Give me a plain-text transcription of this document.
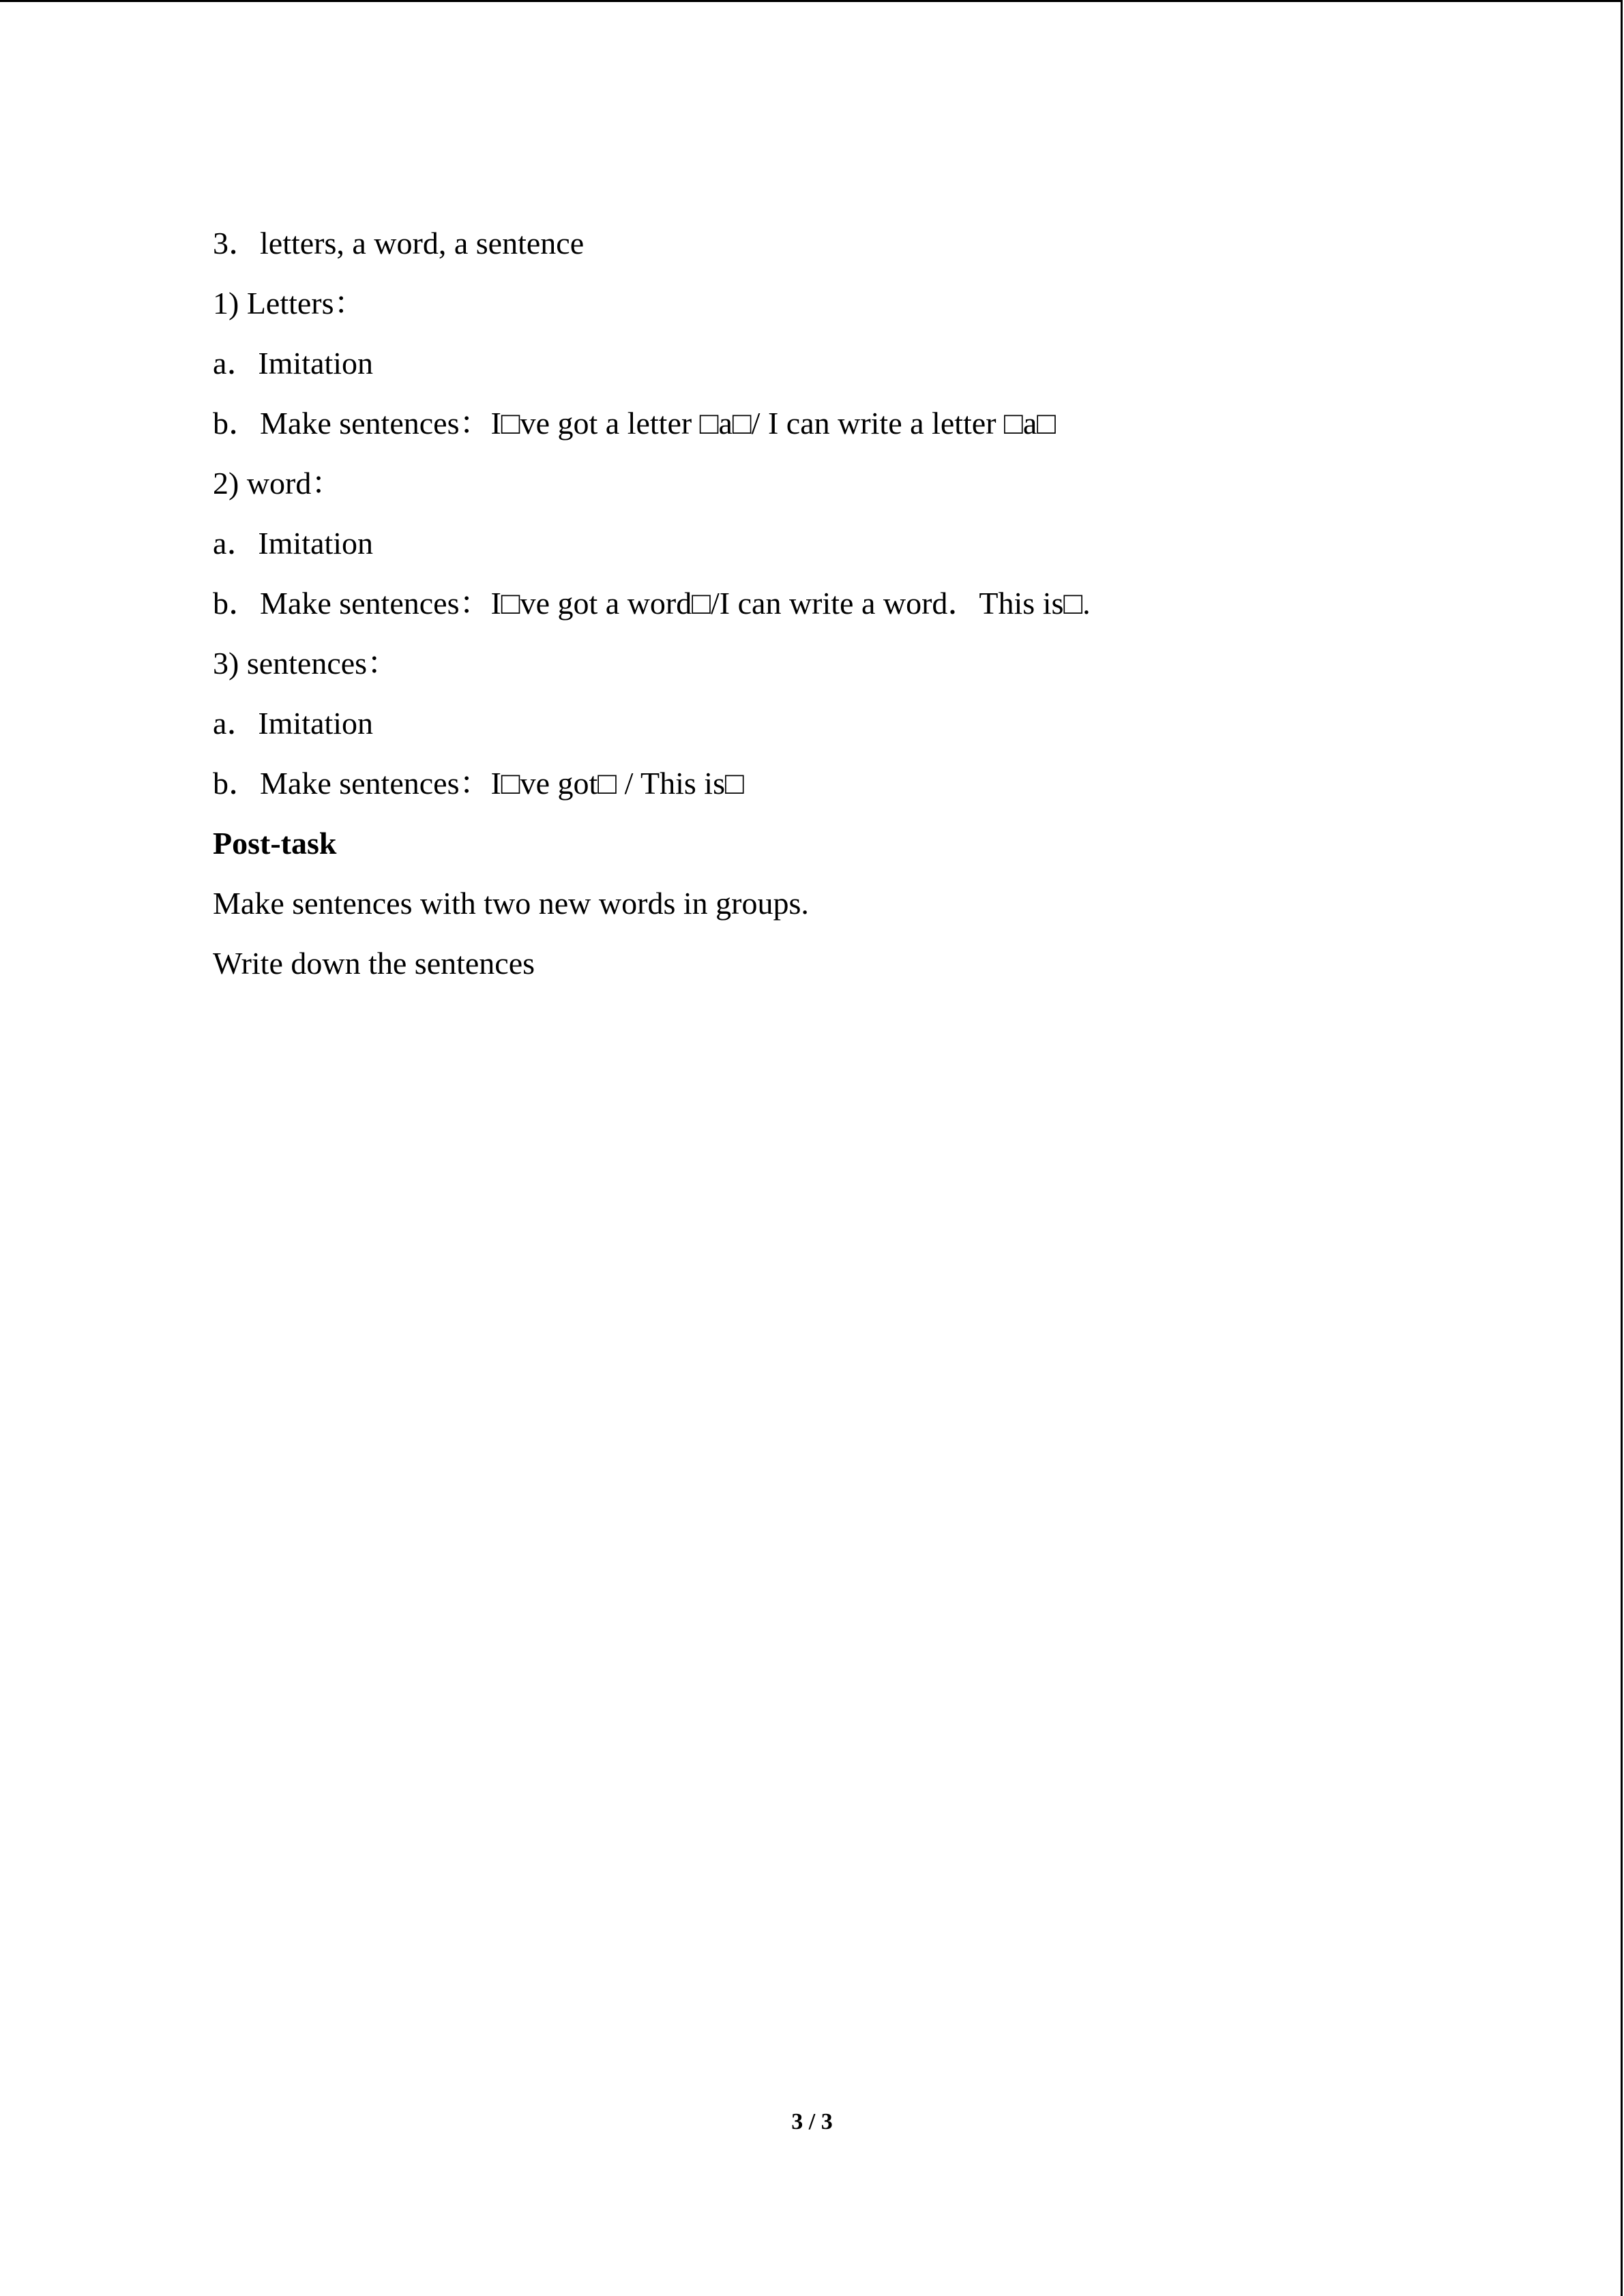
3．letters, a word, a sentence
1) Letters：
a．Imitation
b．Make sentences：I□ve got a letter □a□/ I can write a letter □a□
2) word：
a．Imitation
b．Make sentences：I□ve got a word□/I can write a word．This is□.
3) sentences：
a．Imitation
b．Make sentences：I□ve got□ / This is□
Post-task
Make sentences with two new words in groups.
Write down the sentences
3 / 3
